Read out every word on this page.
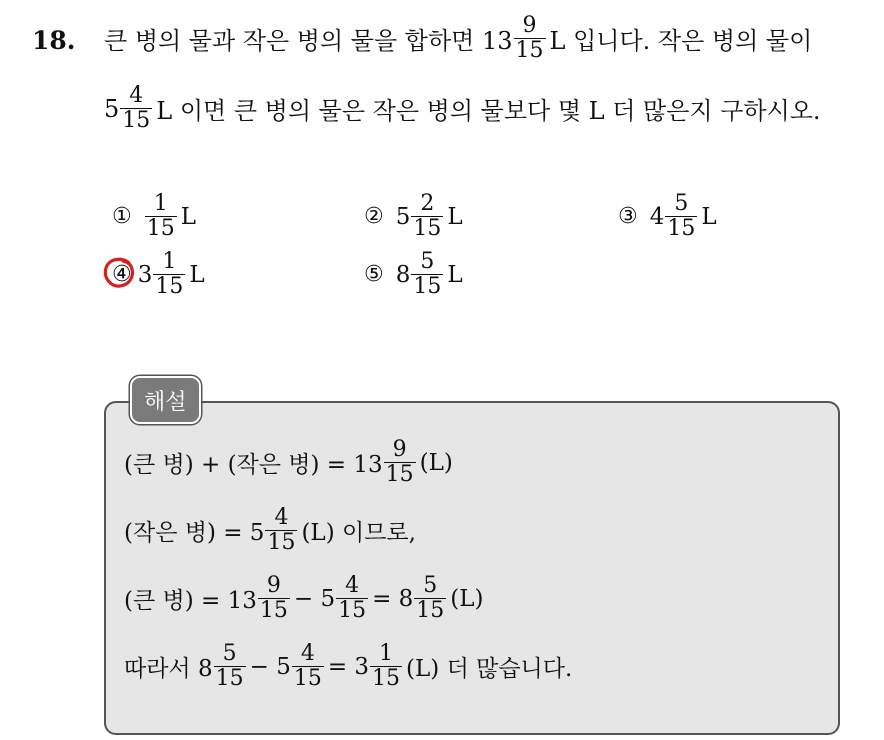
18. 큰 병의 물과 작은 병의 물을 합하면 $13 \frac{9}{15}$ L 입니다. 작은 병의 물이
$5 \frac{4}{15}$ L 이면 큰 병의 물은 작은 병의 물보다 몇 L 더 많은지 구하시오.
① $\frac{1}{15}$ L	② $5 \frac{2}{15}$ L	③ $4 \frac{5}{15}$ L
④ $3 \frac{1}{15}$ L	⑤ $8 \frac{5}{15}$ L
해설
(큰 병) + (작은 병) = $13 \frac{9}{15} (L)$
(작은 병) = $5 \frac{4}{15} (L)$ 이므로,
(큰 병) = $13 \frac{9}{15} - 5 \frac{4}{15} = 8 \frac{5}{15} (L)$
따라서 $8 \frac{5}{15} - 5 \frac{4}{15} = 3 \frac{1}{15} (L)$ 더 많습니다.
